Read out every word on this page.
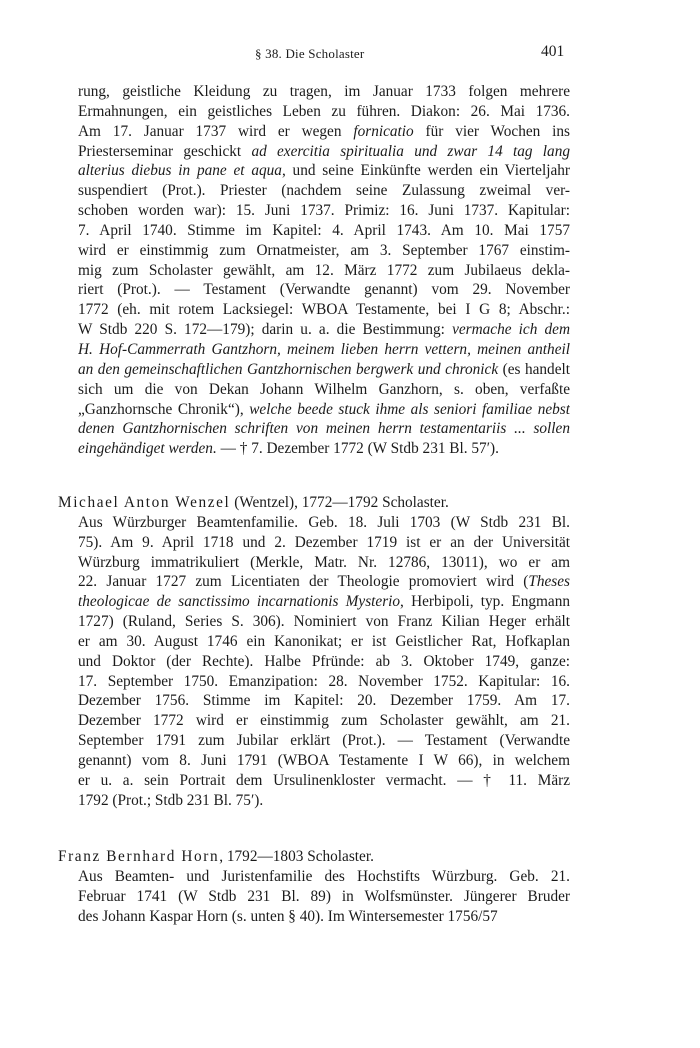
§ 38. Die Scholaster	401
rung, geistliche Kleidung zu tragen, im Januar 1733 folgen mehrere
Ermahnungen, ein geistliches Leben zu führen. Diakon: 26. Mai 1736.
Am 17. Januar 1737 wird er wegen fornicatio für vier Wochen ins
Priesterseminar geschickt ad exercitia spiritualia und zwar 14 tag lang
alterius diebus in pane et aqua, und seine Einkünfte werden ein Vierteljahr
suspendiert (Prot.). Priester (nachdem seine Zulassung zweimal ver-
schoben worden war): 15. Juni 1737. Primiz: 16. Juni 1737. Kapitular:
7. April 1740. Stimme im Kapitel: 4. April 1743. Am 10. Mai 1757
wird er einstimmig zum Ornatmeister, am 3. September 1767 einstim-
mig zum Scholaster gewählt, am 12. März 1772 zum Jubilaeus dekla-
riert (Prot.). — Testament (Verwandte genannt) vom 29. November
1772 (eh. mit rotem Lacksiegel: WBOA Testamente, bei I G 8; Abschr.:
W Stdb 220 S. 172—179); darin u. a. die Bestimmung: vermache ich dem
H. Hof-Cammerrath Gantzhorn, meinem lieben herrn vettern, meinen antheil
an den gemeinschaftlichen Gantzhornischen bergwerk und chronick (es handelt
sich um die von Dekan Johann Wilhelm Ganzhorn, s. oben, verfaßte
„Ganzhornsche Chronik“), welche beede stuck ihme als seniori familiae nebst
denen Gantzhornischen schriften von meinen herrn testamentariis ... sollen
eingehändiget werden. — † 7. Dezember 1772 (W Stdb 231 Bl. 57′).
Michael Anton Wenzel (Wentzel), 1772—1792 Scholaster.
Aus Würzburger Beamtenfamilie. Geb. 18. Juli 1703 (W Stdb 231 Bl.
75). Am 9. April 1718 und 2. Dezember 1719 ist er an der Universität
Würzburg immatrikuliert (Merkle, Matr. Nr. 12786, 13011), wo er am
22. Januar 1727 zum Licentiaten der Theologie promoviert wird (Theses
theologicae de sanctissimo incarnationis Mysterio, Herbipoli, typ. Engmann
1727) (Ruland, Series S. 306). Nominiert von Franz Kilian Heger erhält
er am 30. August 1746 ein Kanonikat; er ist Geistlicher Rat, Hofkaplan
und Doktor (der Rechte). Halbe Pfründe: ab 3. Oktober 1749, ganze:
17. September 1750. Emanzipation: 28. November 1752. Kapitular: 16.
Dezember 1756. Stimme im Kapitel: 20. Dezember 1759. Am 17.
Dezember 1772 wird er einstimmig zum Scholaster gewählt, am 21.
September 1791 zum Jubilar erklärt (Prot.). — Testament (Verwandte
genannt) vom 8. Juni 1791 (WBOA Testamente I W 66), in welchem
er u. a. sein Portrait dem Ursulinenkloster vermacht. — † 11. März
1792 (Prot.; Stdb 231 Bl. 75′).
Franz Bernhard Horn, 1792—1803 Scholaster.
Aus Beamten- und Juristenfamilie des Hochstifts Würzburg. Geb. 21.
Februar 1741 (W Stdb 231 Bl. 89) in Wolfsmünster. Jüngerer Bruder
des Johann Kaspar Horn (s. unten § 40). Im Wintersemester 1756/57
